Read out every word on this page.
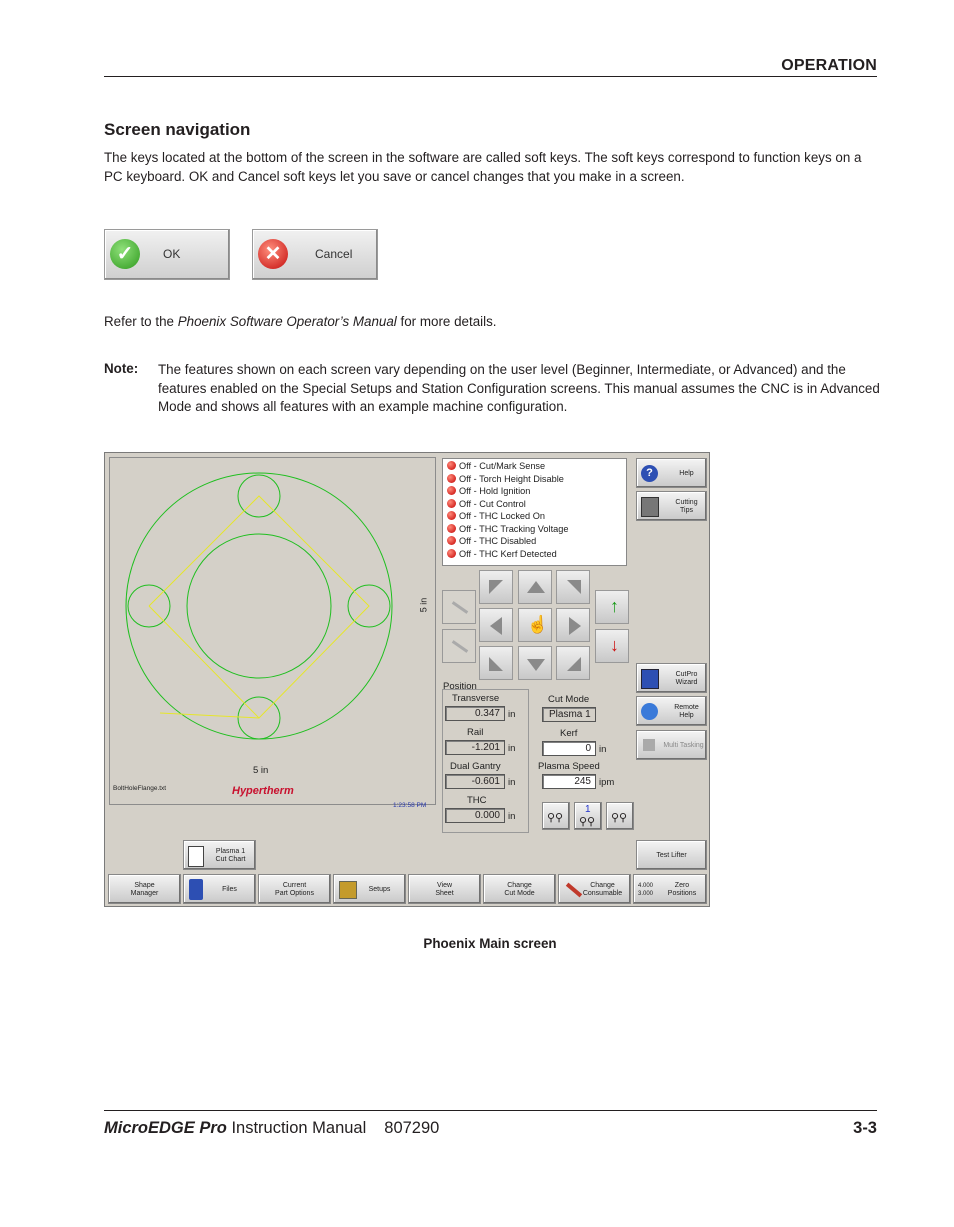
OPERATION
Screen navigation
The keys located at the bottom of the screen in the software are called soft keys. The soft keys correspond to function keys on a PC keyboard. OK and Cancel soft keys let you save or cancel changes that you make in a screen.
✓	OK	✕	Cancel
Refer to the Phoenix Software Operator’s Manual for more details.
Note: The features shown on each screen vary depending on the user level (Beginner, Intermediate, or Advanced) and the features enabled on the Special Setups and Station Configuration screens. This manual assumes the CNC is in Advanced Mode and shows all features with an example machine configuration.
5 in
5 in
BoltHoleFlange.txt	Hypertherm
1:23:58 PM
Off - Cut/Mark Sense
Off - Torch Height Disable
Off - Hold Ignition
Off - Cut Control
Off - THC Locked On
Off - THC Tracking Voltage
Off - THC Disabled
Off - THC Kerf Detected
?	Help
Cutting
Tips
CutPro
Wizard
Remote
Help
Multi Tasking
Test Lifter
☝
↑
↓
Position
Transverse
0.347 in
Rail
-1.201 in
Dual Gantry
-0.601 in
THC
0.000 in
Cut Mode
Plasma 1
Kerf
0 in
Plasma Speed
245 ipm
⚲⚲
1
⚲⚲ ⚲⚲
Plasma 1
Cut Chart
Shape
Manager
Files
Current
Part Options
Setups
View
Sheet
Change
Cut Mode
Change
Consumable
4.000
3.000
Zero
Positions
Phoenix Main screen
MicroEDGE Pro Instruction Manual 807290	3-3
